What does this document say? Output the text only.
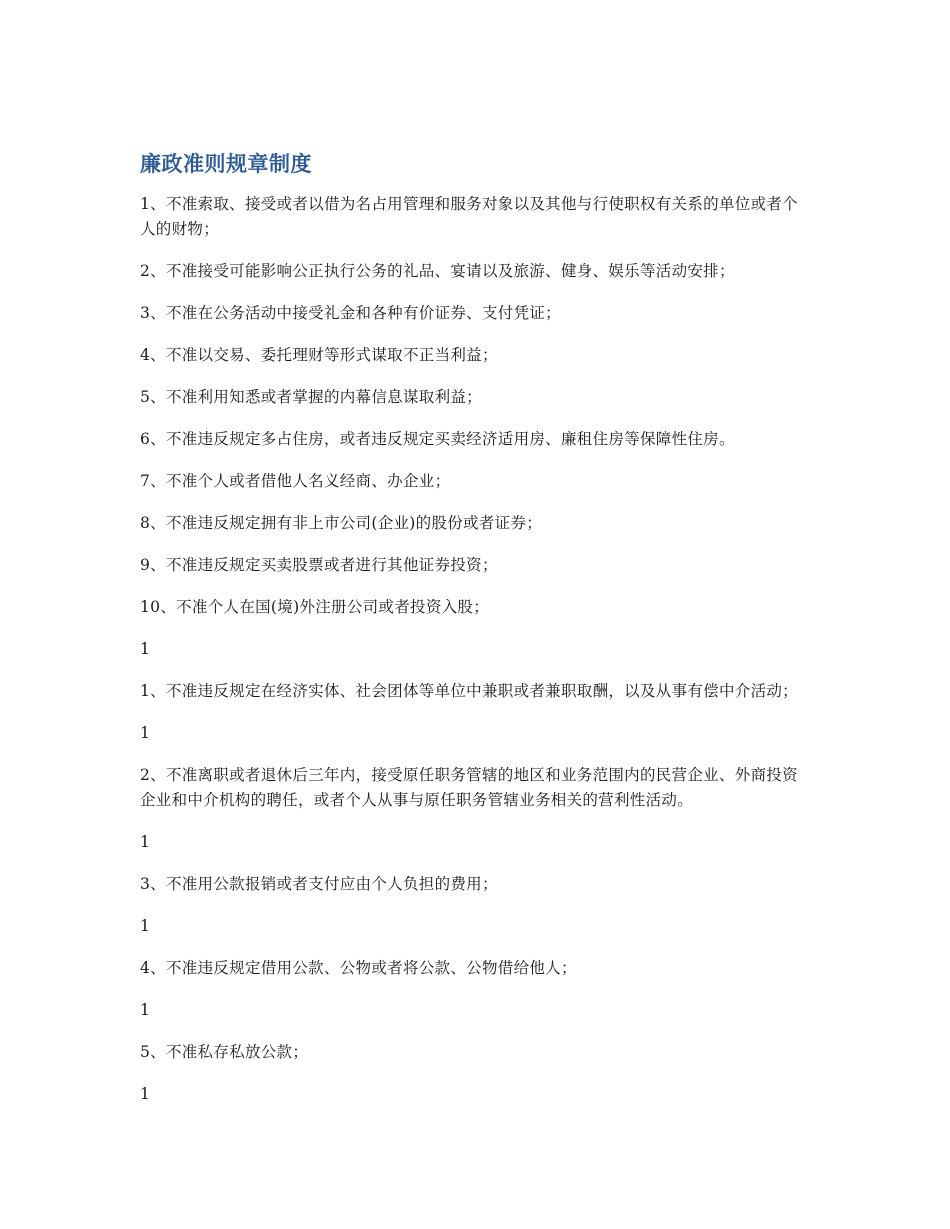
廉政准则规章制度

1、不准索取、接受或者以借为名占用管理和服务对象以及其他与行使职权有关系的单位或者个人的财物；

2、不准接受可能影响公正执行公务的礼品、宴请以及旅游、健身、娱乐等活动安排；

3、不准在公务活动中接受礼金和各种有价证券、支付凭证；

4、不准以交易、委托理财等形式谋取不正当利益；

5、不准利用知悉或者掌握的内幕信息谋取利益；

6、不准违反规定多占住房，或者违反规定买卖经济适用房、廉租住房等保障性住房。

7、不准个人或者借他人名义经商、办企业；

8、不准违反规定拥有非上市公司(企业)的股份或者证券；

9、不准违反规定买卖股票或者进行其他证券投资；

10、不准个人在国(境)外注册公司或者投资入股；

1

1、不准违反规定在经济实体、社会团体等单位中兼职或者兼职取酬，以及从事有偿中介活动；

1

2、不准离职或者退休后三年内，接受原任职务管辖的地区和业务范围内的民营企业、外商投资企业和中介机构的聘任，或者个人从事与原任职务管辖业务相关的营利性活动。

1

3、不准用公款报销或者支付应由个人负担的费用；

1

4、不准违反规定借用公款、公物或者将公款、公物借给他人；

1

5、不准私存私放公款；

1
